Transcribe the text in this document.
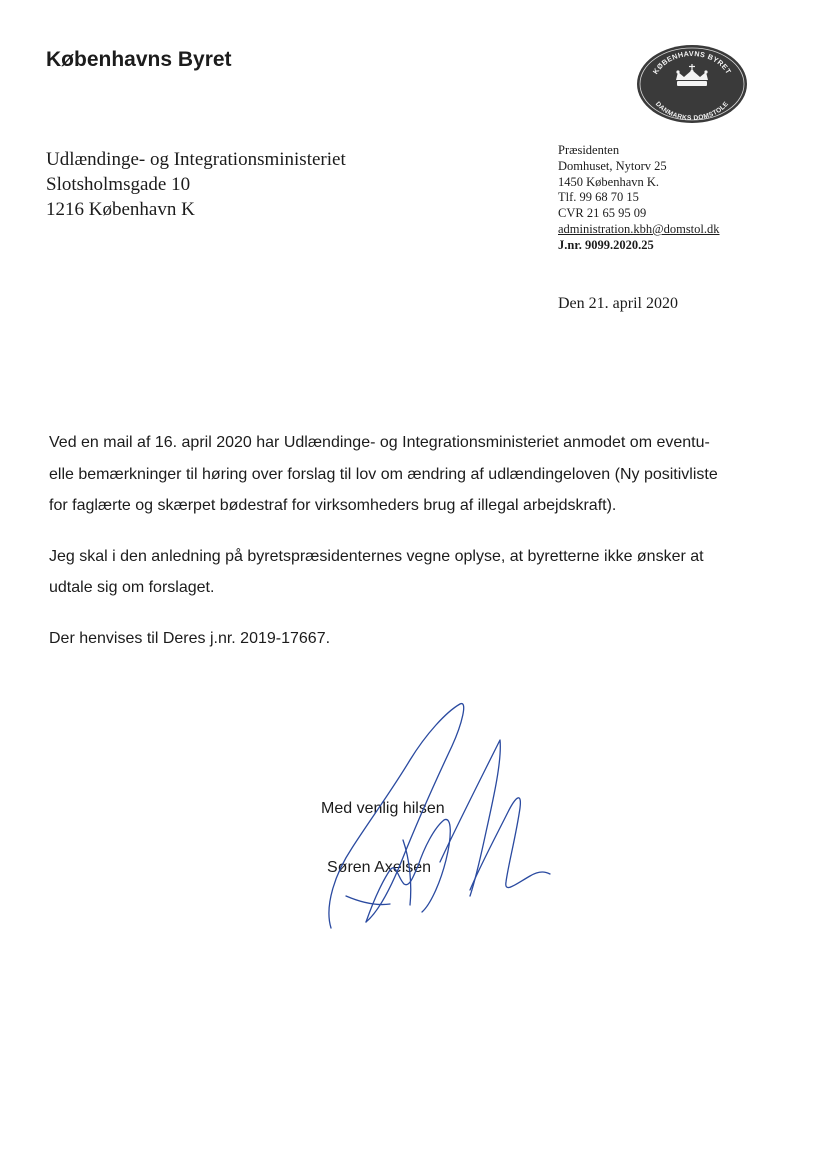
Københavns Byret	KØBENHAVNS BYRET
DANMARKS DOMSTOLE
Udlændinge- og Integrationsministeriet
Slotsholmsgade 10
1216 København K
Præsidenten
Domhuset, Nytorv 25
1450 København K.
Tlf. 99 68 70 15
CVR 21 65 95 09
administration.kbh@domstol.dk
J.nr. 9099.2020.25
Den 21. april 2020

Ved en mail af 16. april 2020 har Udlændinge- og Integrationsministeriet anmodet om eventu-
elle bemærkninger til høring over forslag til lov om ændring af udlændingeloven (Ny positivliste
for faglærte og skærpet bødestraf for virksomheders brug af illegal arbejdskraft).

Jeg skal i den anledning på byretspræsidenternes vegne oplyse, at byretterne ikke ønsker at
udtale sig om forslaget.

Der henvises til Deres j.nr. 2019-17667.

Med venlig hilsen
Søren Axelsen
